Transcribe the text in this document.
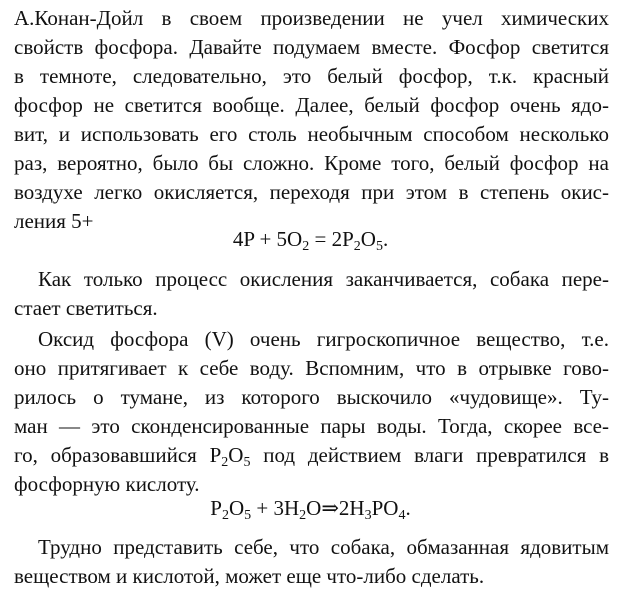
А.Конан-Дойл в своем произведении не учел химических
свойств фосфора. Давайте подумаем вместе. Фосфор светится
в темноте, следовательно, это белый фосфор, т.к. красный
фосфор не светится вообще. Далее, белый фосфор очень ядо-
вит, и использовать его столь необычным способом несколько
раз, вероятно, было бы сложно. Кроме того, белый фосфор на
воздухе легко окисляется, переходя при этом в степень окис-
ления 5+
$4P + 5O_2 = 2P_2O_5$.
Как только процесс окисления заканчивается, собака пере-
стает светиться.
Оксид фосфора (V) очень гигроскопичное вещество, т.е.
оно притягивает к себе воду. Вспомним, что в отрывке гово-
рилось о тумане, из которого выскочило «чудовище». Ту-
ман — это сконденсированные пары воды. Тогда, скорее все-
го, образовавшийся $P_2O_5$ под действием влаги превратился в
фосфорную кислоту.
$P_2O_5$ + $3H_2O\Rightarrow 2H_3PO_4$.
Трудно представить себе, что собака, обмазанная ядовитым
веществом и кислотой, может еще что-либо сделать.
